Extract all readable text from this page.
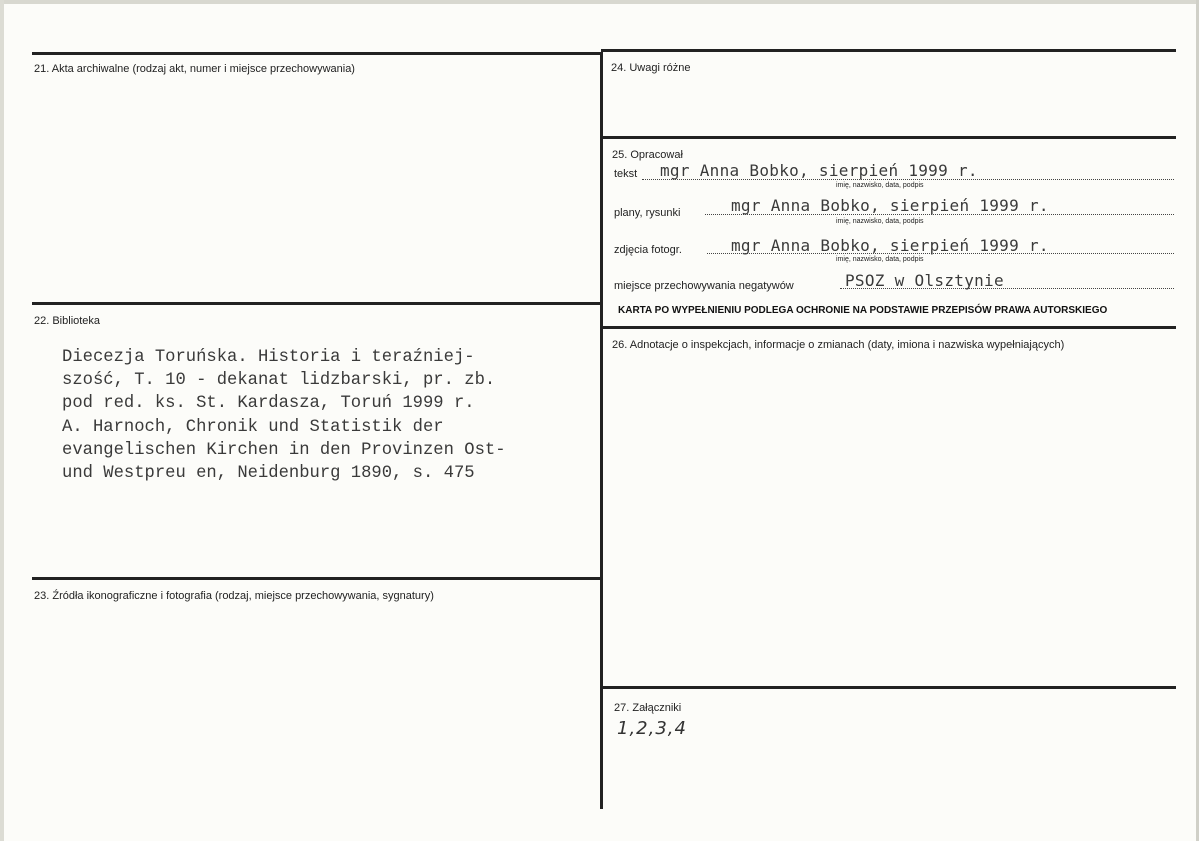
21. Akta archiwalne (rodzaj akt, numer i miejsce przechowywania)
22. Biblioteka
Diecezja Toruńska. Historia i teraźniej-
szość, T. 10 - dekanat lidzbarski, pr. zb.
pod red. ks. St. Kardasza, Toruń 1999 r.
A. Harnoch, Chronik und Statistik der
evangelischen Kirchen in den Provinzen Ost-
und Westpreu en, Neidenburg 1890, s. 475
23. Źródła ikonograficzne i fotografia (rodzaj, miejsce przechowywania, sygnatury)
24. Uwagi różne
25. Opracował
tekst mgr Anna Bobko, sierpień 1999 r.
imię, nazwisko, data, podpis
plany, rysunki	mgr Anna Bobko, sierpień 1999 r.
imię, nazwisko, data, podpis
zdjęcia fotogr.	mgr Anna Bobko, sierpień 1999 r.
imię, nazwisko, data, podpis
miejsce przechowywania negatywów	PSOZ w Olsztynie
KARTA PO WYPEŁNIENIU PODLEGA OCHRONIE NA PODSTAWIE PRZEPISÓW PRAWA AUTORSKIEGO
26. Adnotacje o inspekcjach, informacje o zmianach (daty, imiona i nazwiska wypełniających)
27. Załączniki
1,2,3,4
